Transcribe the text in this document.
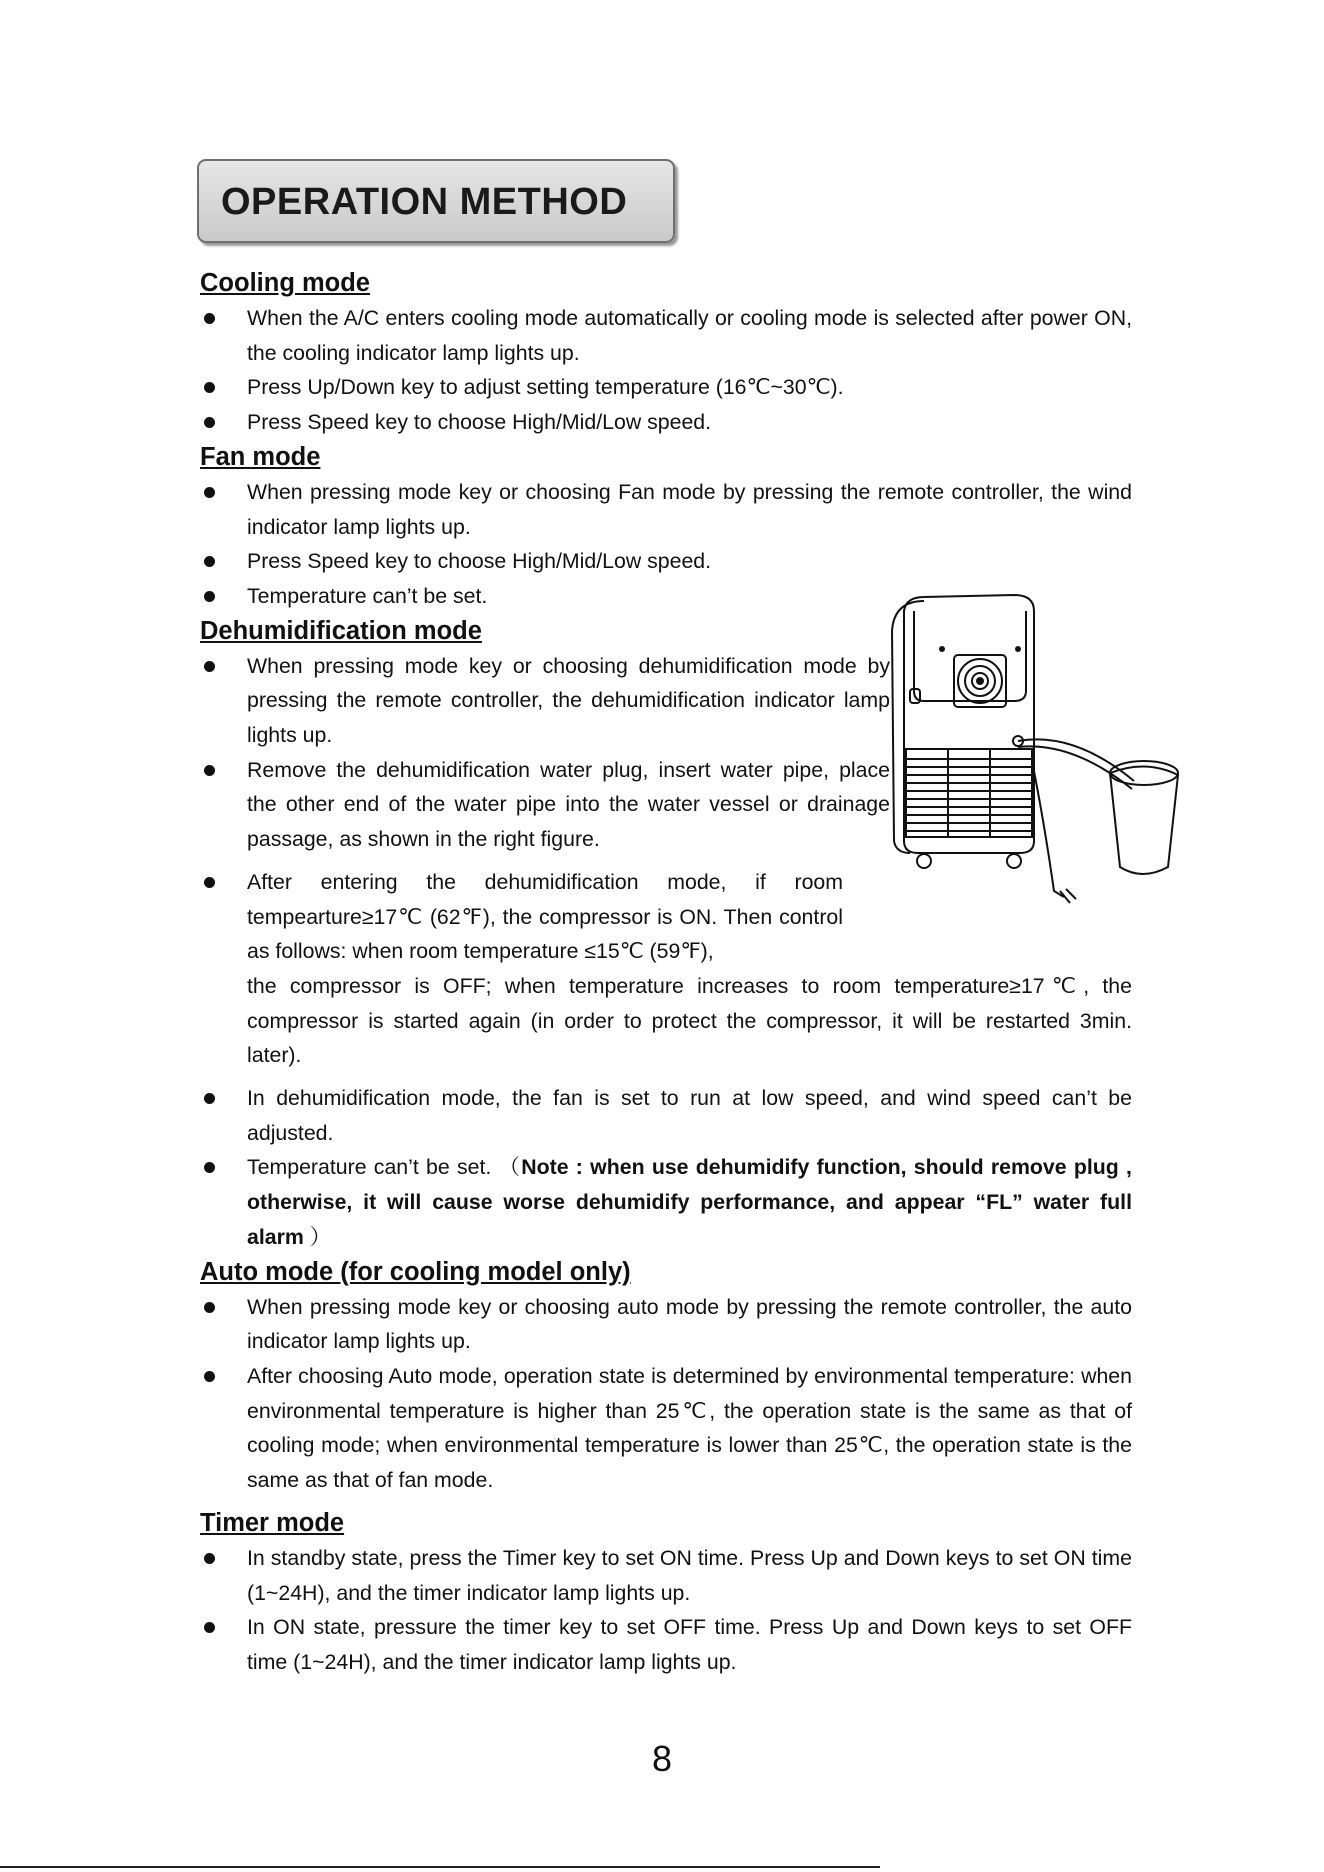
OPERATION METHOD
Cooling mode
When the A/C enters cooling mode automatically or cooling mode is selected after power ON, the cooling indicator lamp lights up.
Press Up/Down key to adjust setting temperature (16℃~30℃).
Press Speed key to choose High/Mid/Low speed.
Fan mode
When pressing mode key or choosing Fan mode by pressing the remote controller, the wind indicator lamp lights up.
Press Speed key to choose High/Mid/Low speed.
Temperature can’t be set.
Dehumidification mode
When pressing mode key or choosing dehumidification mode by pressing the remote controller, the dehumidification indicator lamp lights up.
Remove the dehumidification water plug, insert water pipe, place the other end of the water pipe into the water vessel or drainage passage, as shown in the right figure.
After entering the dehumidification mode, if room tempearture≥17℃ (62℉), the compressor is ON. Then control as follows: when room temperature ≤15℃ (59℉),
the compressor is OFF; when temperature increases to room temperature≥17℃, the compressor is started again (in order to protect the compressor, it will be restarted 3min. later).
In dehumidification mode, the fan is set to run at low speed, and wind speed can’t be adjusted.
Temperature can’t be set. （Note : when use dehumidify function, should remove plug , otherwise, it will cause worse dehumidify performance, and appear “FL” water full alarm ）
Auto mode (for cooling model only)
When pressing mode key or choosing auto mode by pressing the remote controller, the auto indicator lamp lights up.
After choosing Auto mode, operation state is determined by environmental temperature: when environmental temperature is higher than 25℃, the operation state is the same as that of cooling mode; when environmental temperature is lower than 25℃, the operation state is the same as that of fan mode.
Timer mode
In standby state, press the Timer key to set ON time. Press Up and Down keys to set ON time (1~24H), and the timer indicator lamp lights up.
In ON state, pressure the timer key to set OFF time. Press Up and Down keys to set OFF time (1~24H), and the timer indicator lamp lights up.
8
